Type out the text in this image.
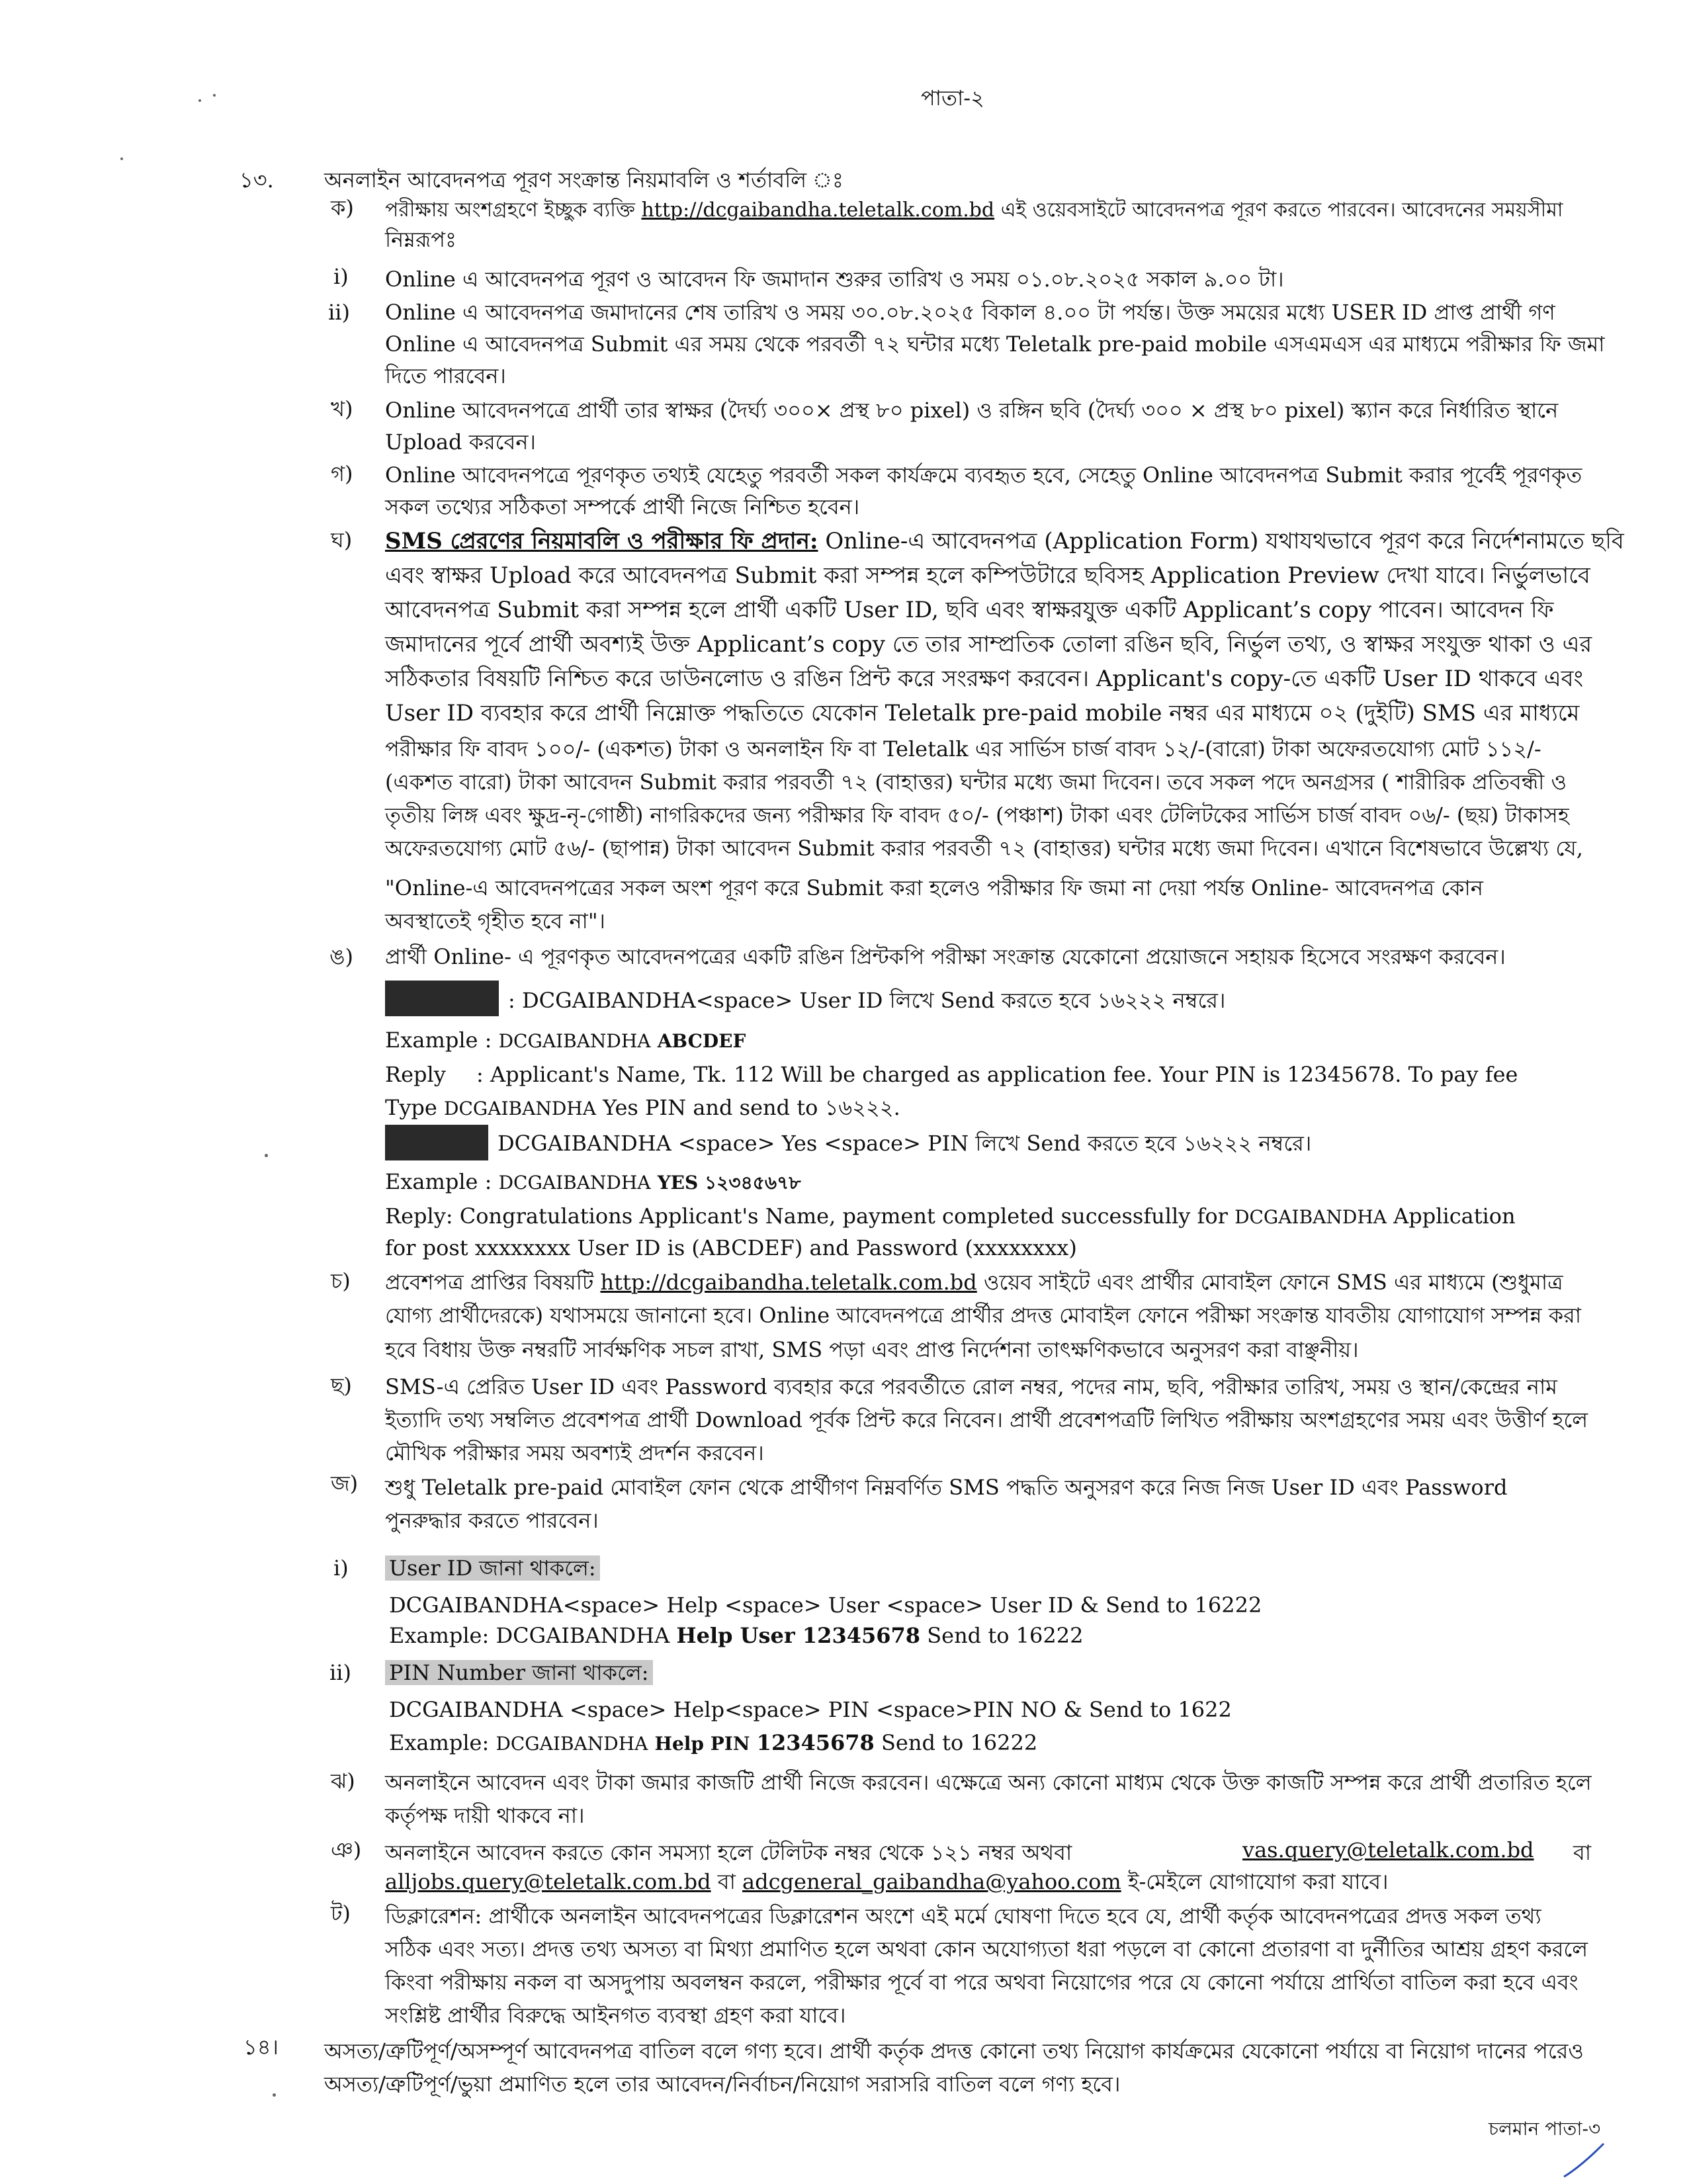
পাতা-২
১৩. অনলাইন আবেদনপত্র পূরণ সংক্রান্ত নিয়মাবলি ও শর্তাবলি ঃ
ক) পরীক্ষায় অংশগ্রহণে ইচ্ছুক ব্যক্তি http://dcgaibandha.teletalk.com.bd এই ওয়েবসাইটে আবেদনপত্র পূরণ করতে পারবেন। আবেদনের সময়সীমা
নিম্নরূপঃ
i) Online এ আবেদনপত্র পূরণ ও আবেদন ফি জমাদান শুরুর তারিখ ও সময় ০১.০৮.২০২৫ সকাল ৯.০০ টা।
ii) Online এ আবেদনপত্র জমাদানের শেষ তারিখ ও সময় ৩০.০৮.২০২৫ বিকাল ৪.০০ টা পর্যন্ত। উক্ত সময়ের মধ্যে USER ID প্রাপ্ত প্রার্থী গণ
Online এ আবেদনপত্র Submit এর সময় থেকে পরবর্তী ৭২ ঘন্টার মধ্যে Teletalk pre-paid mobile এসএমএস এর মাধ্যমে পরীক্ষার ফি জমা
দিতে পারবেন।
খ) Online আবেদনপত্রে প্রার্থী তার স্বাক্ষর (দৈর্ঘ্য ৩০০× প্রস্থ ৮০ pixel) ও রঙ্গিন ছবি (দৈর্ঘ্য ৩০০ × প্রস্থ ৮০ pixel) স্ক্যান করে নির্ধারিত স্থানে
Upload করবেন।
গ) Online আবেদনপত্রে পূরণকৃত তথ্যই যেহেতু পরবর্তী সকল কার্যক্রমে ব্যবহৃত হবে, সেহেতু Online আবেদনপত্র Submit করার পূর্বেই পূরণকৃত
সকল তথ্যের সঠিকতা সম্পর্কে প্রার্থী নিজে নিশ্চিত হবেন।
ঘ) SMS প্রেরণের নিয়মাবলি ও পরীক্ষার ফি প্রদান: Online-এ আবেদনপত্র (Application Form) যথাযথভাবে পূরণ করে নির্দেশনামতে ছবি
এবং স্বাক্ষর Upload করে আবেদনপত্র Submit করা সম্পন্ন হলে কম্পিউটারে ছবিসহ Application Preview দেখা যাবে। নির্ভুলভাবে
আবেদনপত্র Submit করা সম্পন্ন হলে প্রার্থী একটি User ID, ছবি এবং স্বাক্ষরযুক্ত একটি Applicant’s copy পাবেন। আবেদন ফি
জমাদানের পূর্বে প্রার্থী অবশ্যই উক্ত Applicant’s copy তে তার সাম্প্রতিক তোলা রঙিন ছবি, নির্ভুল তথ্য, ও স্বাক্ষর সংযুক্ত থাকা ও এর
সঠিকতার বিষয়টি নিশ্চিত করে ডাউনলোড ও রঙিন প্রিন্ট করে সংরক্ষণ করবেন। Applicant's copy-তে একটি User ID থাকবে এবং
User ID ব্যবহার করে প্রার্থী নিম্নোক্ত পদ্ধতিতে যেকোন Teletalk pre-paid mobile নম্বর এর মাধ্যমে ০২ (দুইটি) SMS এর মাধ্যমে
পরীক্ষার ফি বাবদ ১০০/- (একশত) টাকা ও অনলাইন ফি বা Teletalk এর সার্ভিস চার্জ বাবদ ১২/-(বারো) টাকা অফেরতযোগ্য মোট ১১২/-
(একশত বারো) টাকা আবেদন Submit করার পরবর্তী ৭২ (বাহাত্তর) ঘন্টার মধ্যে জমা দিবেন। তবে সকল পদে অনগ্রসর ( শারীরিক প্রতিবন্ধী ও
তৃতীয় লিঙ্গ এবং ক্ষুদ্র-নৃ-গোষ্ঠী) নাগরিকদের জন্য পরীক্ষার ফি বাবদ ৫০/- (পঞ্চাশ) টাকা এবং টেলিটকের সার্ভিস চার্জ বাবদ ০৬/- (ছয়) টাকাসহ
অফেরতযোগ্য মোট ৫৬/- (ছাপান্ন) টাকা আবেদন Submit করার পরবর্তী ৭২ (বাহাত্তর) ঘন্টার মধ্যে জমা দিবেন। এখানে বিশেষভাবে উল্লেখ্য যে,
"Online-এ আবেদনপত্রের সকল অংশ পূরণ করে Submit করা হলেও পরীক্ষার ফি জমা না দেয়া পর্যন্ত Online- আবেদনপত্র কোন
অবস্থাতেই গৃহীত হবে না"।
ঙ) প্রার্থী Online- এ পূরণকৃত আবেদনপত্রের একটি রঙিন প্রিন্টকপি পরীক্ষা সংক্রান্ত যেকোনো প্রয়োজনে সহায়ক হিসেবে সংরক্ষণ করবেন।
: DCGAIBANDHA<space> User ID লিখে Send করতে হবে ১৬২২২ নম্বরে।
Example : DCGAIBANDHA ABCDEF
Reply : Applicant's Name, Tk. 112 Will be charged as application fee. Your PIN is 12345678. To pay fee
Type DCGAIBANDHA Yes PIN and send to ১৬২২২.
DCGAIBANDHA <space> Yes <space> PIN লিখে Send করতে হবে ১৬২২২ নম্বরে।
Example : DCGAIBANDHA YES ১২৩৪৫৬৭৮
Reply: Congratulations Applicant's Name, payment completed successfully for DCGAIBANDHA Application
for post xxxxxxxx User ID is (ABCDEF) and Password (xxxxxxxx)
চ) প্রবেশপত্র প্রাপ্তির বিষয়টি http://dcgaibandha.teletalk.com.bd ওয়েব সাইটে এবং প্রার্থীর মোবাইল ফোনে SMS এর মাধ্যমে (শুধুমাত্র
যোগ্য প্রার্থীদেরকে) যথাসময়ে জানানো হবে। Online আবেদনপত্রে প্রার্থীর প্রদত্ত মোবাইল ফোনে পরীক্ষা সংক্রান্ত যাবতীয় যোগাযোগ সম্পন্ন করা
হবে বিধায় উক্ত নম্বরটি সার্বক্ষণিক সচল রাখা, SMS পড়া এবং প্রাপ্ত নির্দেশনা তাৎক্ষণিকভাবে অনুসরণ করা বাঞ্ছনীয়।
ছ) SMS-এ প্রেরিত User ID এবং Password ব্যবহার করে পরবর্তীতে রোল নম্বর, পদের নাম, ছবি, পরীক্ষার তারিখ, সময় ও স্থান/কেন্দ্রের নাম
ইত্যাদি তথ্য সম্বলিত প্রবেশপত্র প্রার্থী Download পূর্বক প্রিন্ট করে নিবেন। প্রার্থী প্রবেশপত্রটি লিখিত পরীক্ষায় অংশগ্রহণের সময় এবং উত্তীর্ণ হলে
মৌখিক পরীক্ষার সময় অবশ্যই প্রদর্শন করবেন।
জ) শুধু Teletalk pre-paid মোবাইল ফোন থেকে প্রার্থীগণ নিম্নবর্ণিত SMS পদ্ধতি অনুসরণ করে নিজ নিজ User ID এবং Password
পুনরুদ্ধার করতে পারবেন।
i) User ID জানা থাকলে:
DCGAIBANDHA<space> Help <space> User <space> User ID & Send to 16222
Example: DCGAIBANDHA Help User 12345678 Send to 16222
ii) PIN Number জানা থাকলে:
DCGAIBANDHA <space> Help<space> PIN <space>PIN NO & Send to 1622
Example: DCGAIBANDHA Help PIN 12345678 Send to 16222
ঝ) অনলাইনে আবেদন এবং টাকা জমার কাজটি প্রার্থী নিজে করবেন। এক্ষেত্রে অন্য কোনো মাধ্যম থেকে উক্ত কাজটি সম্পন্ন করে প্রার্থী প্রতারিত হলে
কর্তৃপক্ষ দায়ী থাকবে না।
ঞ) অনলাইনে আবেদন করতে কোন সমস্যা হলে টেলিটক নম্বর থেকে ১২১ নম্বর অথবা	vas.query@teletalk.com.bd বা
alljobs.query@teletalk.com.bd বা adcgeneral_gaibandha@yahoo.com ই-মেইলে যোগাযোগ করা যাবে।
ট) ডিক্লারেশন: প্রার্থীকে অনলাইন আবেদনপত্রের ডিক্লারেশন অংশে এই মর্মে ঘোষণা দিতে হবে যে, প্রার্থী কর্তৃক আবেদনপত্রের প্রদত্ত সকল তথ্য
সঠিক এবং সত্য। প্রদত্ত তথ্য অসত্য বা মিথ্যা প্রমাণিত হলে অথবা কোন অযোগ্যতা ধরা পড়লে বা কোনো প্রতারণা বা দুর্নীতির আশ্রয় গ্রহণ করলে
কিংবা পরীক্ষায় নকল বা অসদুপায় অবলম্বন করলে, পরীক্ষার পূর্বে বা পরে অথবা নিয়োগের পরে যে কোনো পর্যায়ে প্রার্থিতা বাতিল করা হবে এবং
সংশ্লিষ্ট প্রার্থীর বিরুদ্ধে আইনগত ব্যবস্থা গ্রহণ করা যাবে।
১৪। অসত্য/ত্রুটিপূর্ণ/অসম্পূর্ণ আবেদনপত্র বাতিল বলে গণ্য হবে। প্রার্থী কর্তৃক প্রদত্ত কোনো তথ্য নিয়োগ কার্যক্রমের যেকোনো পর্যায়ে বা নিয়োগ দানের পরেও
অসত্য/ত্রুটিপূর্ণ/ভুয়া প্রমাণিত হলে তার আবেদন/নির্বাচন/নিয়োগ সরাসরি বাতিল বলে গণ্য হবে।
চলমান পাতা-৩
